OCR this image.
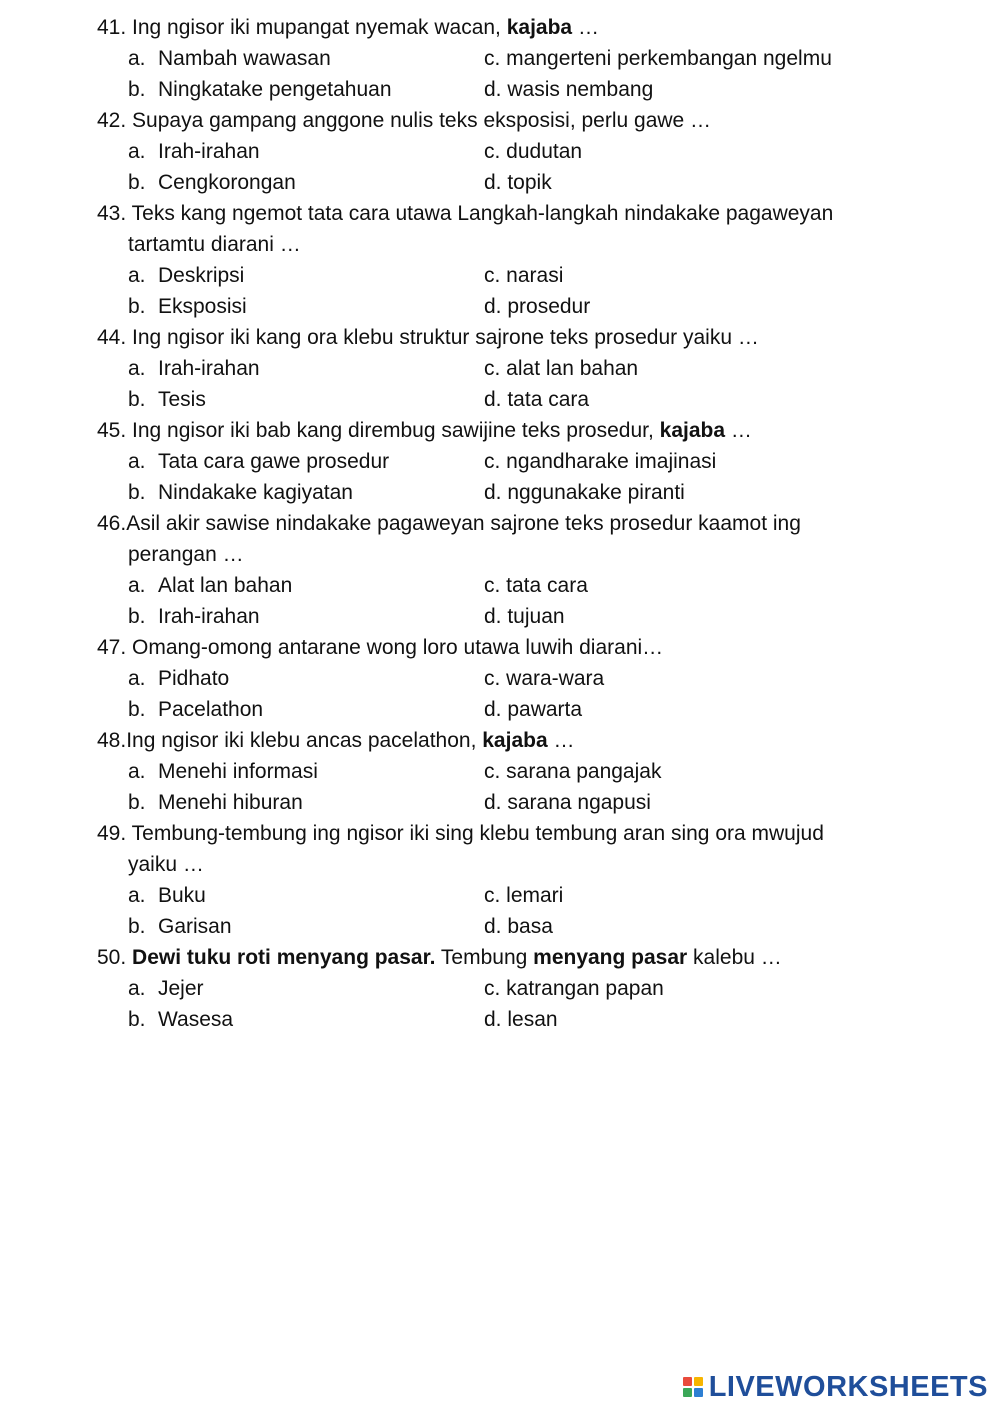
41. Ing ngisor iki mupangat nyemak wacan, kajaba …
a. Nambah wawasan
b. Ningkatake pengetahuan
c. mangerteni perkembangan ngelmu
d. wasis nembang
42. Supaya gampang anggone nulis teks eksposisi, perlu gawe …
a. Irah-irahan
b. Cengkorongan
c. dudutan
d. topik
43. Teks kang ngemot tata cara utawa Langkah-langkah nindakake pagaweyan
tartamtu diarani …
a. Deskripsi
b. Eksposisi
c. narasi
d. prosedur
44. Ing ngisor iki kang ora klebu struktur sajrone teks prosedur yaiku …
a. Irah-irahan
b. Tesis
c. alat lan bahan
d. tata cara
45. Ing ngisor iki bab kang dirembug sawijine teks prosedur, kajaba …
a. Tata cara gawe prosedur
b. Nindakake kagiyatan
c. ngandharake imajinasi
d. nggunakake piranti
46.Asil akir sawise nindakake pagaweyan sajrone teks prosedur kaamot ing
perangan …
a. Alat lan bahan
b. Irah-irahan
c. tata cara
d. tujuan
47. Omang-omong antarane wong loro utawa luwih diarani…
a. Pidhato
b. Pacelathon
c. wara-wara
d. pawarta
48.Ing ngisor iki klebu ancas pacelathon, kajaba …
a. Menehi informasi
b. Menehi hiburan
c. sarana pangajak
d. sarana ngapusi
49. Tembung-tembung ing ngisor iki sing klebu tembung aran sing ora mwujud
yaiku …
a. Buku
b. Garisan
c. lemari
d. basa
50. Dewi tuku roti menyang pasar. Tembung menyang pasar kalebu …
a. Jejer
b. Wasesa
c. katrangan papan
d. lesan
LIVEWORKSHEETS
